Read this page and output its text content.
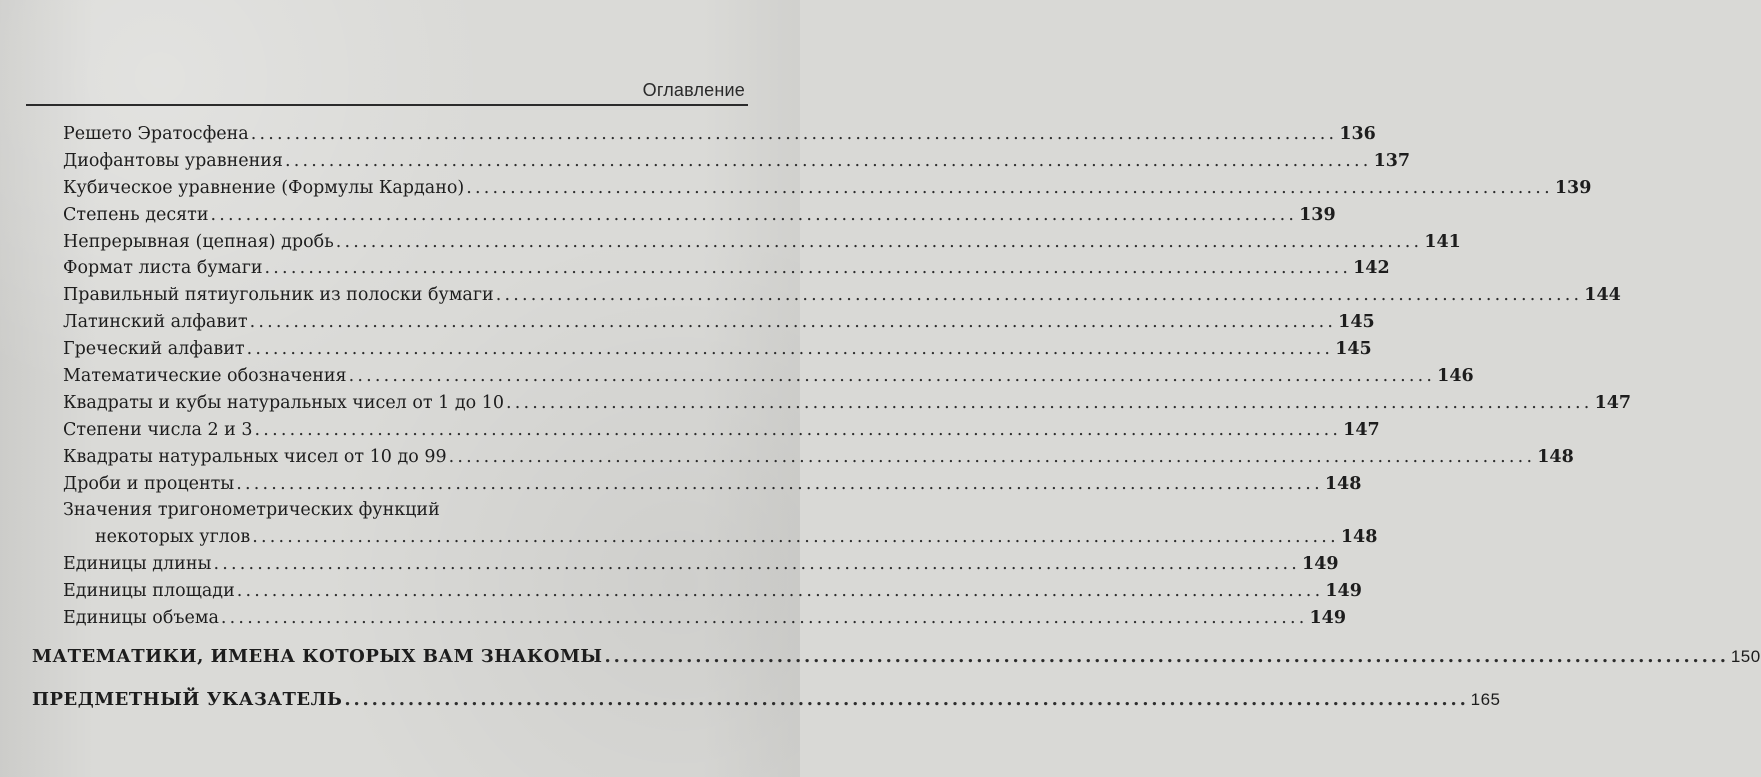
Оглавление
Решето Эратосфена ............................................................................................................................ 136
Диофантовы уравнения ............................................................................................................................ 137
Кубическое уравнение (Формулы Кардано) ............................................................................................................................ 139
Степень десяти ............................................................................................................................ 139
Непрерывная (цепная) дробь ............................................................................................................................ 141
Формат листа бумаги ............................................................................................................................ 142
Правильный пятиугольник из полоски бумаги ............................................................................................................................ 144
Латинский алфавит ............................................................................................................................ 145
Греческий алфавит ............................................................................................................................ 145
Математические обозначения ............................................................................................................................ 146
Квадраты и кубы натуральных чисел от 1 до 10 ............................................................................................................................ 147
Степени числа 2 и 3 ............................................................................................................................ 147
Квадраты натуральных чисел от 10 до 99 ............................................................................................................................ 148
Дроби и проценты ............................................................................................................................ 148
Значения тригонометрических функций
некоторых углов ............................................................................................................................ 148
Единицы длины ............................................................................................................................ 149
Единицы площади ............................................................................................................................ 149
Единицы объема ............................................................................................................................ 149
МАТЕМАТИКИ, ИМЕНА КОТОРЫХ ВАМ ЗНАКОМЫ ............................................................................................................................ 150
ПРЕДМЕТНЫЙ УКАЗАТЕЛЬ ............................................................................................................................ 165
